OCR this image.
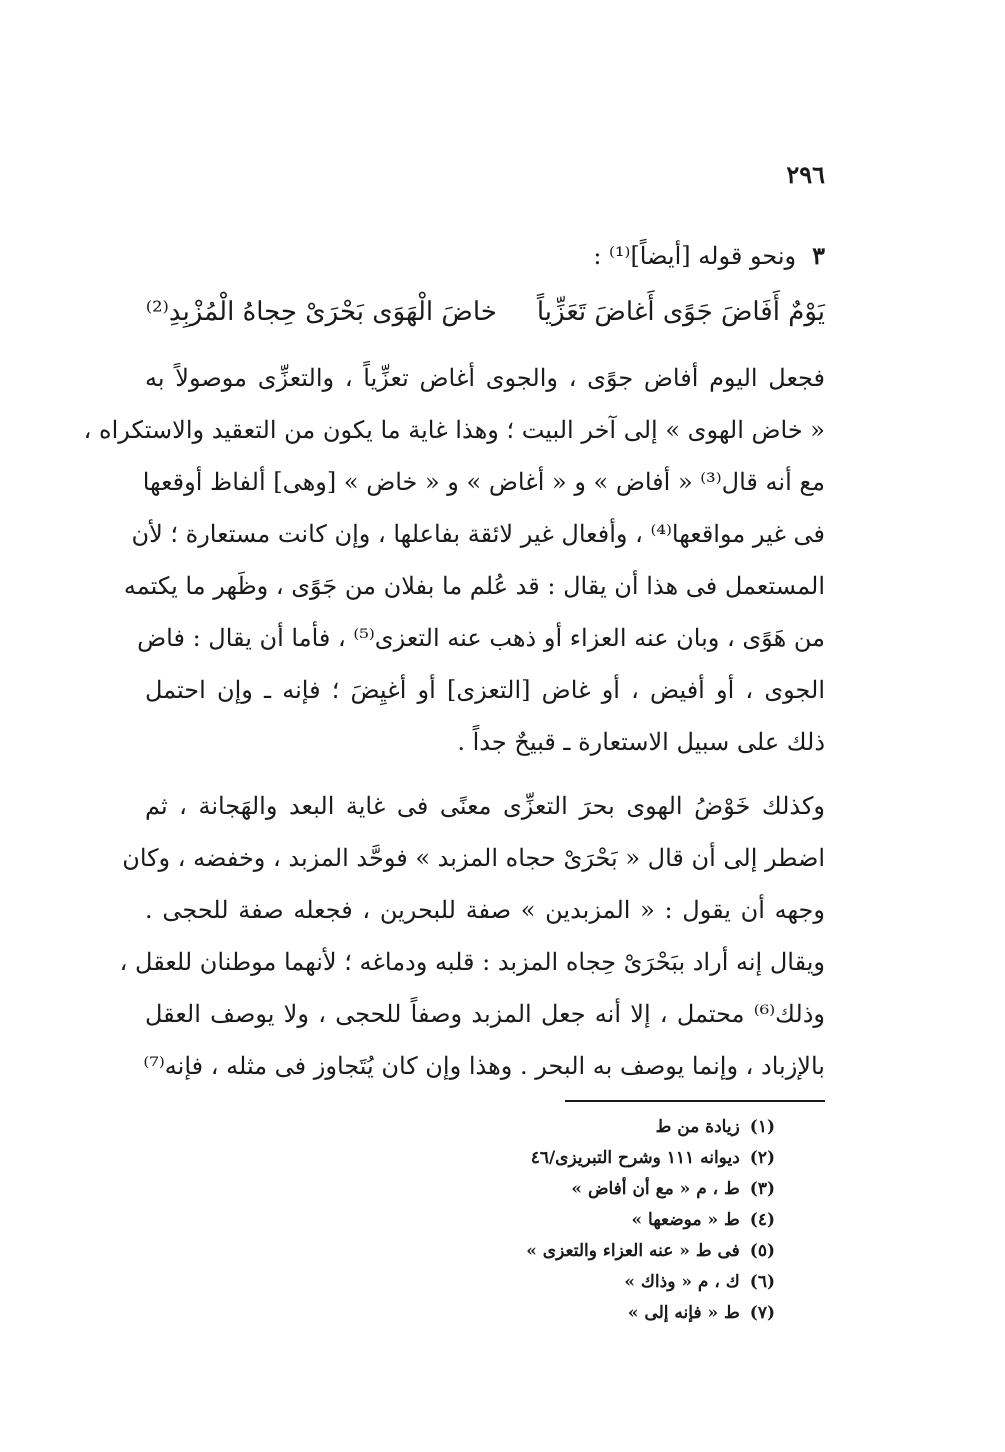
٢٩٦
٣ونحو قوله [أيضاً]⁽¹⁾ :
يَوْمٌ أَفَاضَ جَوًى أَغاضَ تَعَزِّياًخاضَ الْهَوَى بَحْرَىْ حِجاهُ الْمُزْبِدِ⁽²⁾
فجعل اليوم أفاض جوًى ، والجوى أغاض تعزِّياً ، والتعزِّى موصولاً به
« خاض الهوى » إلى آخر البيت ؛ وهذا غاية ما يكون من التعقيد والاستكراه ،
مع أنه قال⁽³⁾ « أفاض » و « أغاض » و « خاض » [وهى] ألفاظ أوقعها
فى غير مواقعها⁽⁴⁾ ، وأفعال غير لائقة بفاعلها ، وإن كانت مستعارة ؛ لأن
المستعمل فى هذا أن يقال : قد عُلم ما بفلان من جَوًى ، وظَهر ما يكتمه
من هَوًى ، وبان عنه العزاء أو ذهب عنه التعزى⁽⁵⁾ ، فأما أن يقال : فاض
الجوى ، أو أفيض ، أو غاض [التعزى] أو أغيِضَ ؛ فإنه ـ وإن احتمل
ذلك على سبيل الاستعارة ـ قبيحٌ جداً .
وكذلك خَوْضُ الهوى بحرَ التعزِّى معنًى فى غاية البعد والهَجانة ، ثم
اضطر إلى أن قال « بَحْرَىْ حجاه المزبد » فوحَّد المزبد ، وخفضه ، وكان
وجهه أن يقول : « المزبدين » صفة للبحرين ، فجعله صفة للحجى .
ويقال إنه أراد ببَحْرَىْ حِجاه المزبد : قلبه ودماغه ؛ لأنهما موطنان للعقل ،
وذلك⁽⁶⁾ محتمل ، إلا أنه جعل المزبد وصفاً للحجى ، ولا يوصف العقل
بالإزباد ، وإنما يوصف به البحر . وهذا وإن كان يُتَجاوز فى مثله ، فإنه⁽⁷⁾
(١)زيادة من ط
(٢)ديوانه ١١١ وشرح التبريزى/٤٦
(٣)ط ، م « مع أن أفاض »
(٤)ط « موضعها »
(٥)فى ط « عنه العزاء والتعزى »
(٦)ك ، م « وذاك »
(٧)ط « فإنه إلى »
